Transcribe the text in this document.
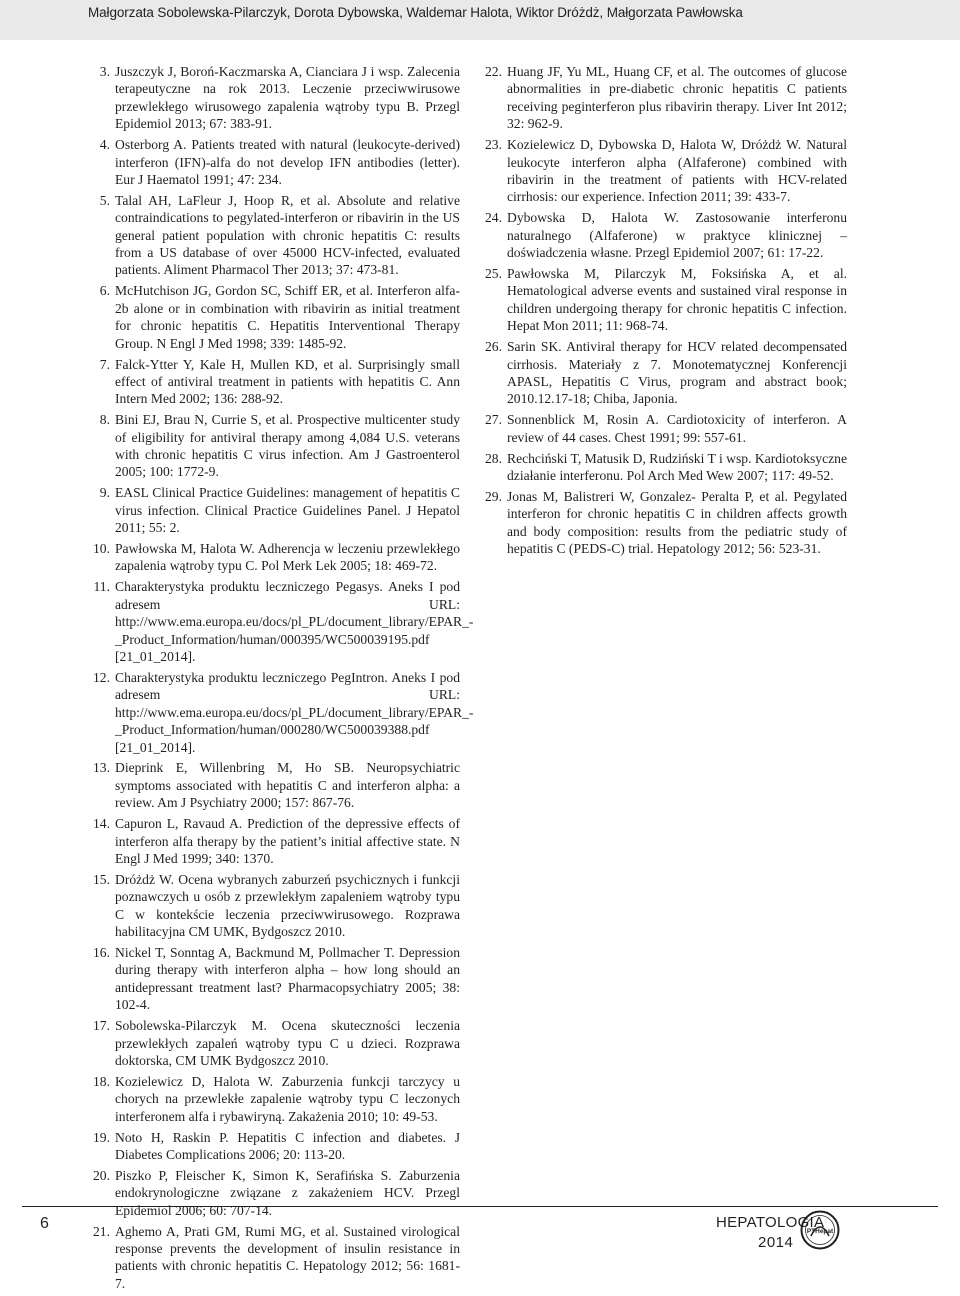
Małgorzata Sobolewska-Pilarczyk, Dorota Dybowska, Waldemar Halota, Wiktor Dróżdż, Małgorzata Pawłowska
3. Juszczyk J, Boroń-Kaczmarska A, Cianciara J i wsp. Zalecenia terapeutyczne na rok 2013. Leczenie przeciwwirusowe przewlekłego wirusowego zapalenia wątroby typu B. Przegl Epidemiol 2013; 67: 383-91.
4. Osterborg A. Patients treated with natural (leukocyte-derived) interferon (IFN)-alfa do not develop IFN antibodies (letter). Eur J Haematol 1991; 47: 234.
5. Talal AH, LaFleur J, Hoop R, et al. Absolute and relative contraindications to pegylated-interferon or ribavirin in the US general patient population with chronic hepatitis C: results from a US database of over 45000 HCV-infected, evaluated patients. Aliment Pharmacol Ther 2013; 37: 473-81.
6. McHutchison JG, Gordon SC, Schiff ER, et al. Interferon alfa-2b alone or in combination with ribavirin as initial treatment for chronic hepatitis C. Hepatitis Interventional Therapy Group. N Engl J Med 1998; 339: 1485-92.
7. Falck-Ytter Y, Kale H, Mullen KD, et al. Surprisingly small effect of antiviral treatment in patients with hepatitis C. Ann Intern Med 2002; 136: 288-92.
8. Bini EJ, Brau N, Currie S, et al. Prospective multicenter study of eligibility for antiviral therapy among 4,084 U.S. veterans with chronic hepatitis C virus infection. Am J Gastroenterol 2005; 100: 1772-9.
9. EASL Clinical Practice Guidelines: management of hepatitis C virus infection. Clinical Practice Guidelines Panel. J Hepatol 2011; 55: 2.
10. Pawłowska M, Halota W. Adherencja w leczeniu przewlekłego zapalenia wątroby typu C. Pol Merk Lek 2005; 18: 469-72.
11. Charakterystyka produktu leczniczego Pegasys. Aneks I pod adresem URL: http://www.ema.europa.eu/docs/pl_PL/document_library/EPAR_-_Product_Information/human/000395/WC500039195.pdf [21_01_2014].
12. Charakterystyka produktu leczniczego PegIntron. Aneks I pod adresem URL: http://www.ema.europa.eu/docs/pl_PL/document_library/EPAR_-_Product_Information/human/000280/WC500039388.pdf [21_01_2014].
13. Dieprink E, Willenbring M, Ho SB. Neuropsychiatric symptoms associated with hepatitis C and interferon alpha: a review. Am J Psychiatry 2000; 157: 867-76.
14. Capuron L, Ravaud A. Prediction of the depressive effects of interferon alfa therapy by the patient’s initial affective state. N Engl J Med 1999; 340: 1370.
15. Dróżdż W. Ocena wybranych zaburzeń psychicznych i funkcji poznawczych u osób z przewlekłym zapaleniem wątroby typu C w kontekście leczenia przeciwwirusowego. Rozprawa habilitacyjna CM UMK, Bydgoszcz 2010.
16. Nickel T, Sonntag A, Backmund M, Pollmacher T. Depression during therapy with interferon alpha – how long should an antidepressant treatment last? Pharmacopsychiatry 2005; 38: 102-4.
17. Sobolewska-Pilarczyk M. Ocena skuteczności leczenia przewlekłych zapaleń wątroby typu C u dzieci. Rozprawa doktorska, CM UMK Bydgoszcz 2010.
18. Kozielewicz D, Halota W. Zaburzenia funkcji tarczycy u chorych na przewlekłe zapalenie wątroby typu C leczonych interferonem alfa i rybawiryną. Zakażenia 2010; 10: 49-53.
19. Noto H, Raskin P. Hepatitis C infection and diabetes. J Diabetes Complications 2006; 20: 113-20.
20. Piszko P, Fleischer K, Simon K, Serafińska S. Zaburzenia endokrynologiczne związane z zakażeniem HCV. Przegl Epidemiol 2006; 60: 707-14.
21. Aghemo A, Prati GM, Rumi MG, et al. Sustained virological response prevents the development of insulin resistance in patients with chronic hepatitis C. Hepatology 2012; 56: 1681-7.
22. Huang JF, Yu ML, Huang CF, et al. The outcomes of glucose abnormalities in pre-diabetic chronic hepatitis C patients receiving peginterferon plus ribavirin therapy. Liver Int 2012; 32: 962-9.
23. Kozielewicz D, Dybowska D, Halota W, Dróżdż W. Natural leukocyte interferon alpha (Alfaferone) combined with ribavirin in the treatment of patients with HCV-related cirrhosis: our experience. Infection 2011; 39: 433-7.
24. Dybowska D, Halota W. Zastosowanie interferonu naturalnego (Alfaferone) w praktyce klinicznej – doświadczenia własne. Przegl Epidemiol 2007; 61: 17-22.
25. Pawłowska M, Pilarczyk M, Foksińska A, et al. Hematological adverse events and sustained viral response in children undergoing therapy for chronic hepatitis C infection. Hepat Mon 2011; 11: 968-74.
26. Sarin SK. Antiviral therapy for HCV related decompensated cirrhosis. Materiały z 7. Monotematycznej Konferencji APASL, Hepatitis C Virus, program and abstract book; 2010.12.17-18; Chiba, Japonia.
27. Sonnenblick M, Rosin A. Cardiotoxicity of interferon. A review of 44 cases. Chest 1991; 99: 557-61.
28. Rechciński T, Matusik D, Rudziński T i wsp. Kardiotoksyczne działanie interferonu. Pol Arch Med Wew 2007; 117: 49-52.
29. Jonas M, Balistreri W, Gonzalez- Peralta P, et al. Pegylated interferon for chronic hepatitis C in children affects growth and body composition: results from the pediatric study of hepatitis C (PEDS-C) trial. Hepatology 2012; 56: 523-31.
6	HEPATOLOGIA
2014
PTHepat
